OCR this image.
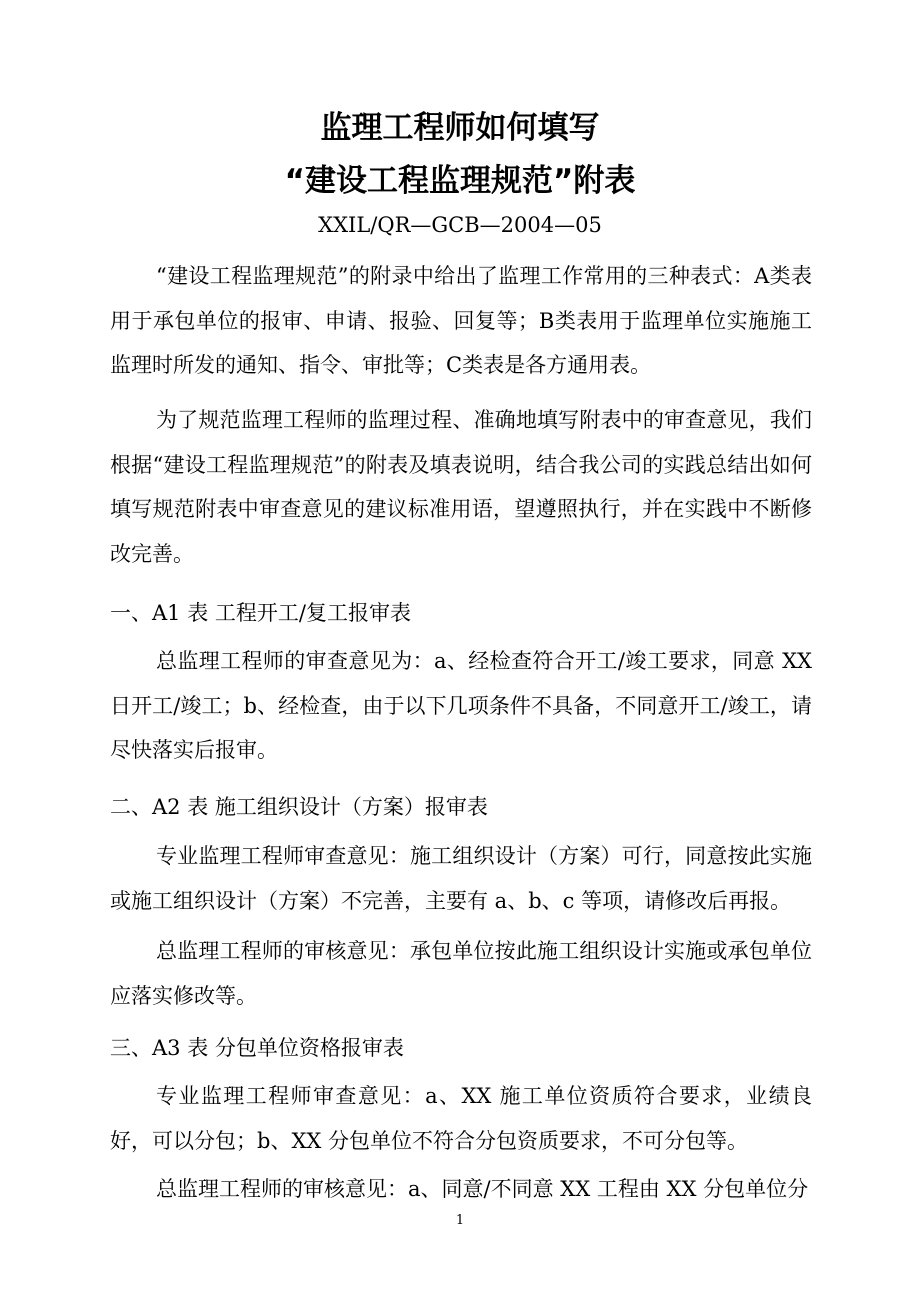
监理工程师如何填写
“建设工程监理规范”附表
XXIL/QR—GCB—2004—05

“建设工程监理规范”的附录中给出了监理工作常用的三种表式：A类表用于承包单位的报审、申请、报验、回复等；B类表用于监理单位实施施工监理时所发的通知、指令、审批等；C类表是各方通用表。

为了规范监理工程师的监理过程、准确地填写附表中的审查意见，我们根据“建设工程监理规范”的附表及填表说明，结合我公司的实践总结出如何填写规范附表中审查意见的建议标准用语，望遵照执行，并在实践中不断修改完善。

一、A1 表 工程开工/复工报审表

总监理工程师的审查意见为：a、经检查符合开工/竣工要求，同意 XX 日开工/竣工；b、经检查，由于以下几项条件不具备，不同意开工/竣工，请尽快落实后报审。

二、A2 表 施工组织设计（方案）报审表

专业监理工程师审查意见：施工组织设计（方案）可行，同意按此实施或施工组织设计（方案）不完善，主要有 a、b、c 等项，请修改后再报。

总监理工程师的审核意见：承包单位按此施工组织设计实施或承包单位应落实修改等。

三、A3 表 分包单位资格报审表

专业监理工程师审查意见：a、XX 施工单位资质符合要求，业绩良好，可以分包；b、XX 分包单位不符合分包资质要求，不可分包等。

总监理工程师的审核意见：a、同意/不同意 XX 工程由 XX 分包单位分

1
